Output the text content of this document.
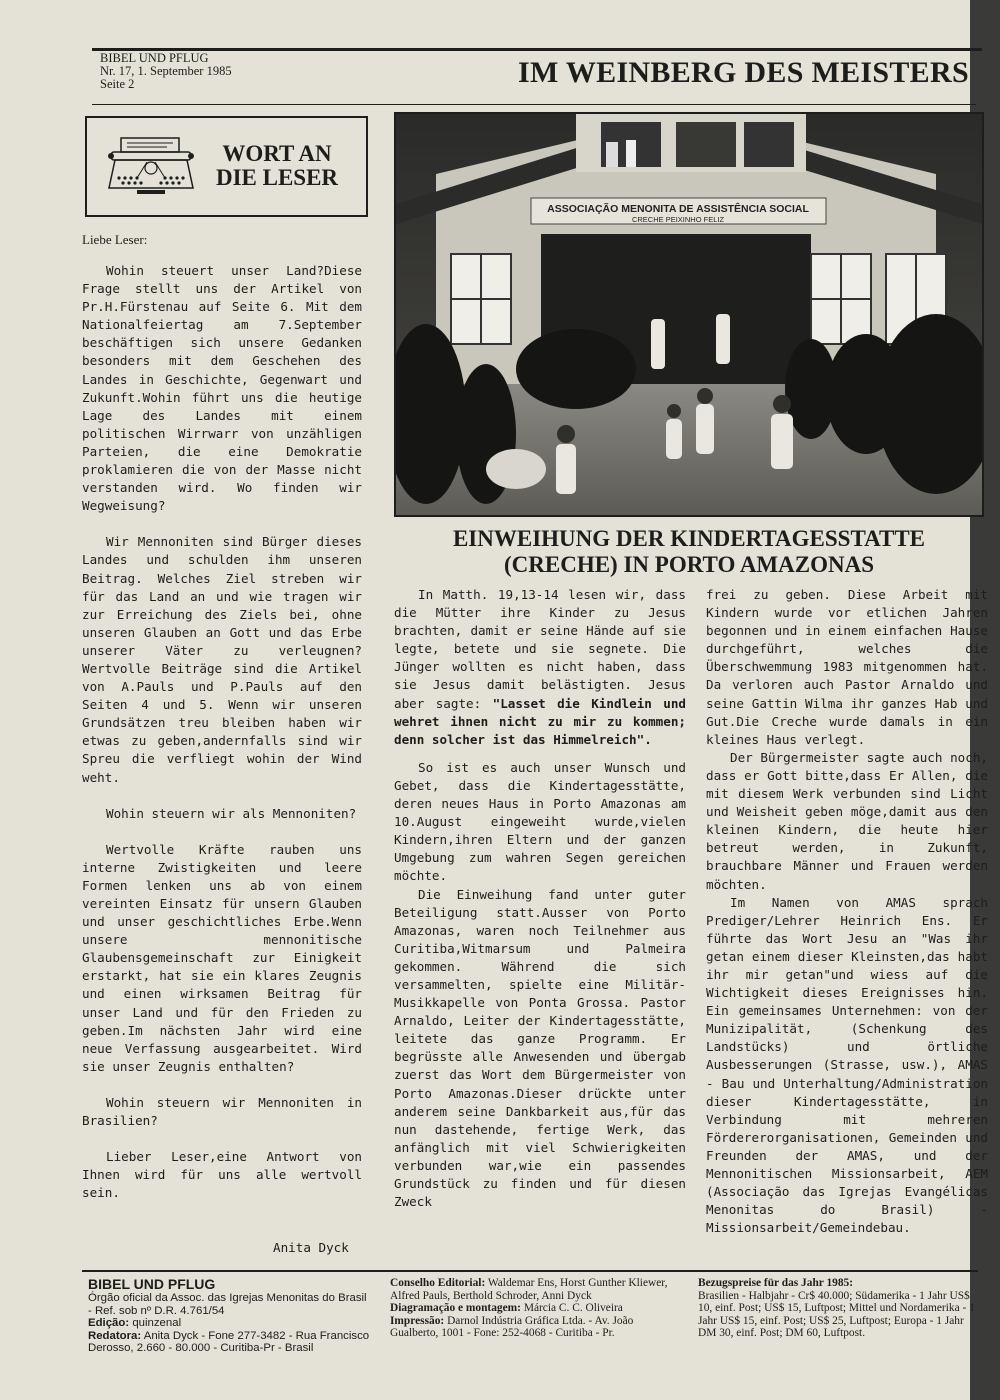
BIBEL UND PFLUG
Nr. 17, 1. September 1985
Seite 2	IM WEINBERG DES MEISTERS
WORT AN
DIE LESER
Liebe Leser:

Wohin steuert unser Land?Diese Frage stellt uns der Artikel von Pr.H.Fürstenau auf Seite 6. Mit dem Nationalfeiertag am 7.September beschäftigen sich unsere Gedanken besonders mit dem Geschehen des Landes in Geschichte, Gegenwart und Zukunft.Wohin führt uns die heutige Lage des Landes mit einem politischen Wirrwarr von unzähligen Parteien, die eine Demokratie proklamieren die von der Masse nicht verstanden wird. Wo finden wir Wegweisung?

Wir Mennoniten sind Bürger dieses Landes und schulden ihm unseren Beitrag. Welches Ziel streben wir für das Land an und wie tragen wir zur Erreichung des Ziels bei, ohne unseren Glauben an Gott und das Erbe unserer Väter zu verleugnen?Wertvolle Beiträge sind die Artikel von A.Pauls und P.Pauls auf den Seiten 4 und 5. Wenn wir unseren Grundsätzen treu bleiben haben wir etwas zu geben,andernfalls sind wir Spreu die verfliegt wohin der Wind weht.

Wohin steuern wir als Mennoniten?

Wertvolle Kräfte rauben uns interne Zwistigkeiten und leere Formen lenken uns ab von einem vereinten Einsatz für unsern Glauben und unser geschichtliches Erbe.Wenn unsere mennonitische Glaubensgemeinschaft zur Einigkeit erstarkt, hat sie ein klares Zeugnis und einen wirksamen Beitrag für unser Land und für den Frieden zu geben.Im nächsten Jahr wird eine neue Verfassung ausgearbeitet. Wird sie unser Zeugnis enthalten?

Wohin steuern wir Mennoniten in Brasilien?

Lieber Leser,eine Antwort von Ihnen wird für uns alle wertvoll sein.

Anita Dyck
ASSOCIAÇÃO MENONITA DE ASSISTÊNCIA SOCIAL
CRECHE PEIXINHO FELIZ
EINWEIHUNG DER KINDERTAGESSTATTE
(CRECHE) IN PORTO AMAZONAS

In Matth. 19,13-14 lesen wir, dass die Mütter ihre Kinder zu Jesus brachten, damit er seine Hände auf sie legte, betete und sie segnete. Die Jünger wollten es nicht haben, dass sie Jesus damit belästigten. Jesus aber sagte: "Lasset die Kindlein und wehret ihnen nicht zu mir zu kommen; denn solcher ist das Himmelreich".

So ist es auch unser Wunsch und Gebet, dass die Kindertagesstätte, deren neues Haus in Porto Amazonas am 10.August eingeweiht wurde,vielen Kindern,ihren Eltern und der ganzen Umgebung zum wahren Segen gereichen möchte.

Die Einweihung fand unter guter Beteiligung statt.Ausser von Porto Amazonas, waren noch Teilnehmer aus Curitiba,Witmarsum und Palmeira gekommen. Während die sich versammelten, spielte eine Militär-Musikkapelle von Ponta Grossa. Pastor Arnaldo, Leiter der Kindertagesstätte, leitete das ganze Programm. Er begrüsste alle Anwesenden und übergab zuerst das Wort dem Bürgermeister von Porto Amazonas.Dieser drückte unter anderem seine Dankbarkeit aus,für das nun dastehende, fertige Werk, das anfänglich mit viel Schwierigkeiten verbunden war,wie ein passendes Grundstück zu finden und für diesen Zweck

frei zu geben. Diese Arbeit mit Kindern wurde vor etlichen Jahren begonnen und in einem einfachen Hause durchgeführt, welches die Überschwemmung 1983 mitgenommen hat. Da verloren auch Pastor Arnaldo und seine Gattin Wilma ihr ganzes Hab und Gut.Die Creche wurde damals in ein kleines Haus verlegt.

Der Bürgermeister sagte auch noch, dass er Gott bitte,dass Er Allen, die mit diesem Werk verbunden sind Licht und Weisheit geben möge,damit aus den kleinen Kindern, die heute hier betreut werden, in Zukunft, brauchbare Männer und Frauen werden möchten.

Im Namen von AMAS sprach Prediger/Lehrer Heinrich Ens. Er führte das Wort Jesu an "Was ihr getan einem dieser Kleinsten,das habt ihr mir getan"und wiess auf die Wichtigkeit dieses Ereignisses hin. Ein gemeinsames Unternehmen: von der Munizipalität, (Schenkung des Landstücks) und örtliche Ausbesserungen (Strasse, usw.), AMAS - Bau und Unterhaltung/Administration dieser Kindertagesstätte, in Verbindung mit mehreren Fördererorganisationen, Gemeinden und Freunden der AMAS, und der Mennonitischen Missionsarbeit, AEM (Associação das Igrejas Evangélicas Menonitas do Brasil) - Missionsarbeit/Gemeindebau.

BIBEL UND PFLUG
Órgão oficial da Assoc. das Igrejas Menonitas do Brasil
- Ref. sob nº D.R. 4.761/54
Edição: quinzenal
Redatora: Anita Dyck - Fone 277-3482 - Rua Francisco Derosso, 2.660 - 80.000 - Curitiba-Pr - Brasil
Conselho Editorial: Waldemar Ens, Horst Gunther Kliewer, Alfred Pauls, Berthold Schroder, Anni Dyck
Diagramação e montagem: Márcia C. C. Oliveira
Impressão: Darnol Indústria Gráfica Ltda. - Av. João Gualberto, 1001 - Fone: 252-4068 - Curitiba - Pr.
Bezugspreise für das Jahr 1985:
Brasilien - Halbjahr - Cr$ 40.000; Südamerika - 1 Jahr US$ 10, einf. Post; US$ 15, Luftpost; Mittel und Nordamerika - 1 Jahr US$ 15, einf. Post; US$ 25, Luftpost; Europa - 1 Jahr DM 30, einf. Post; DM 60, Luftpost.
